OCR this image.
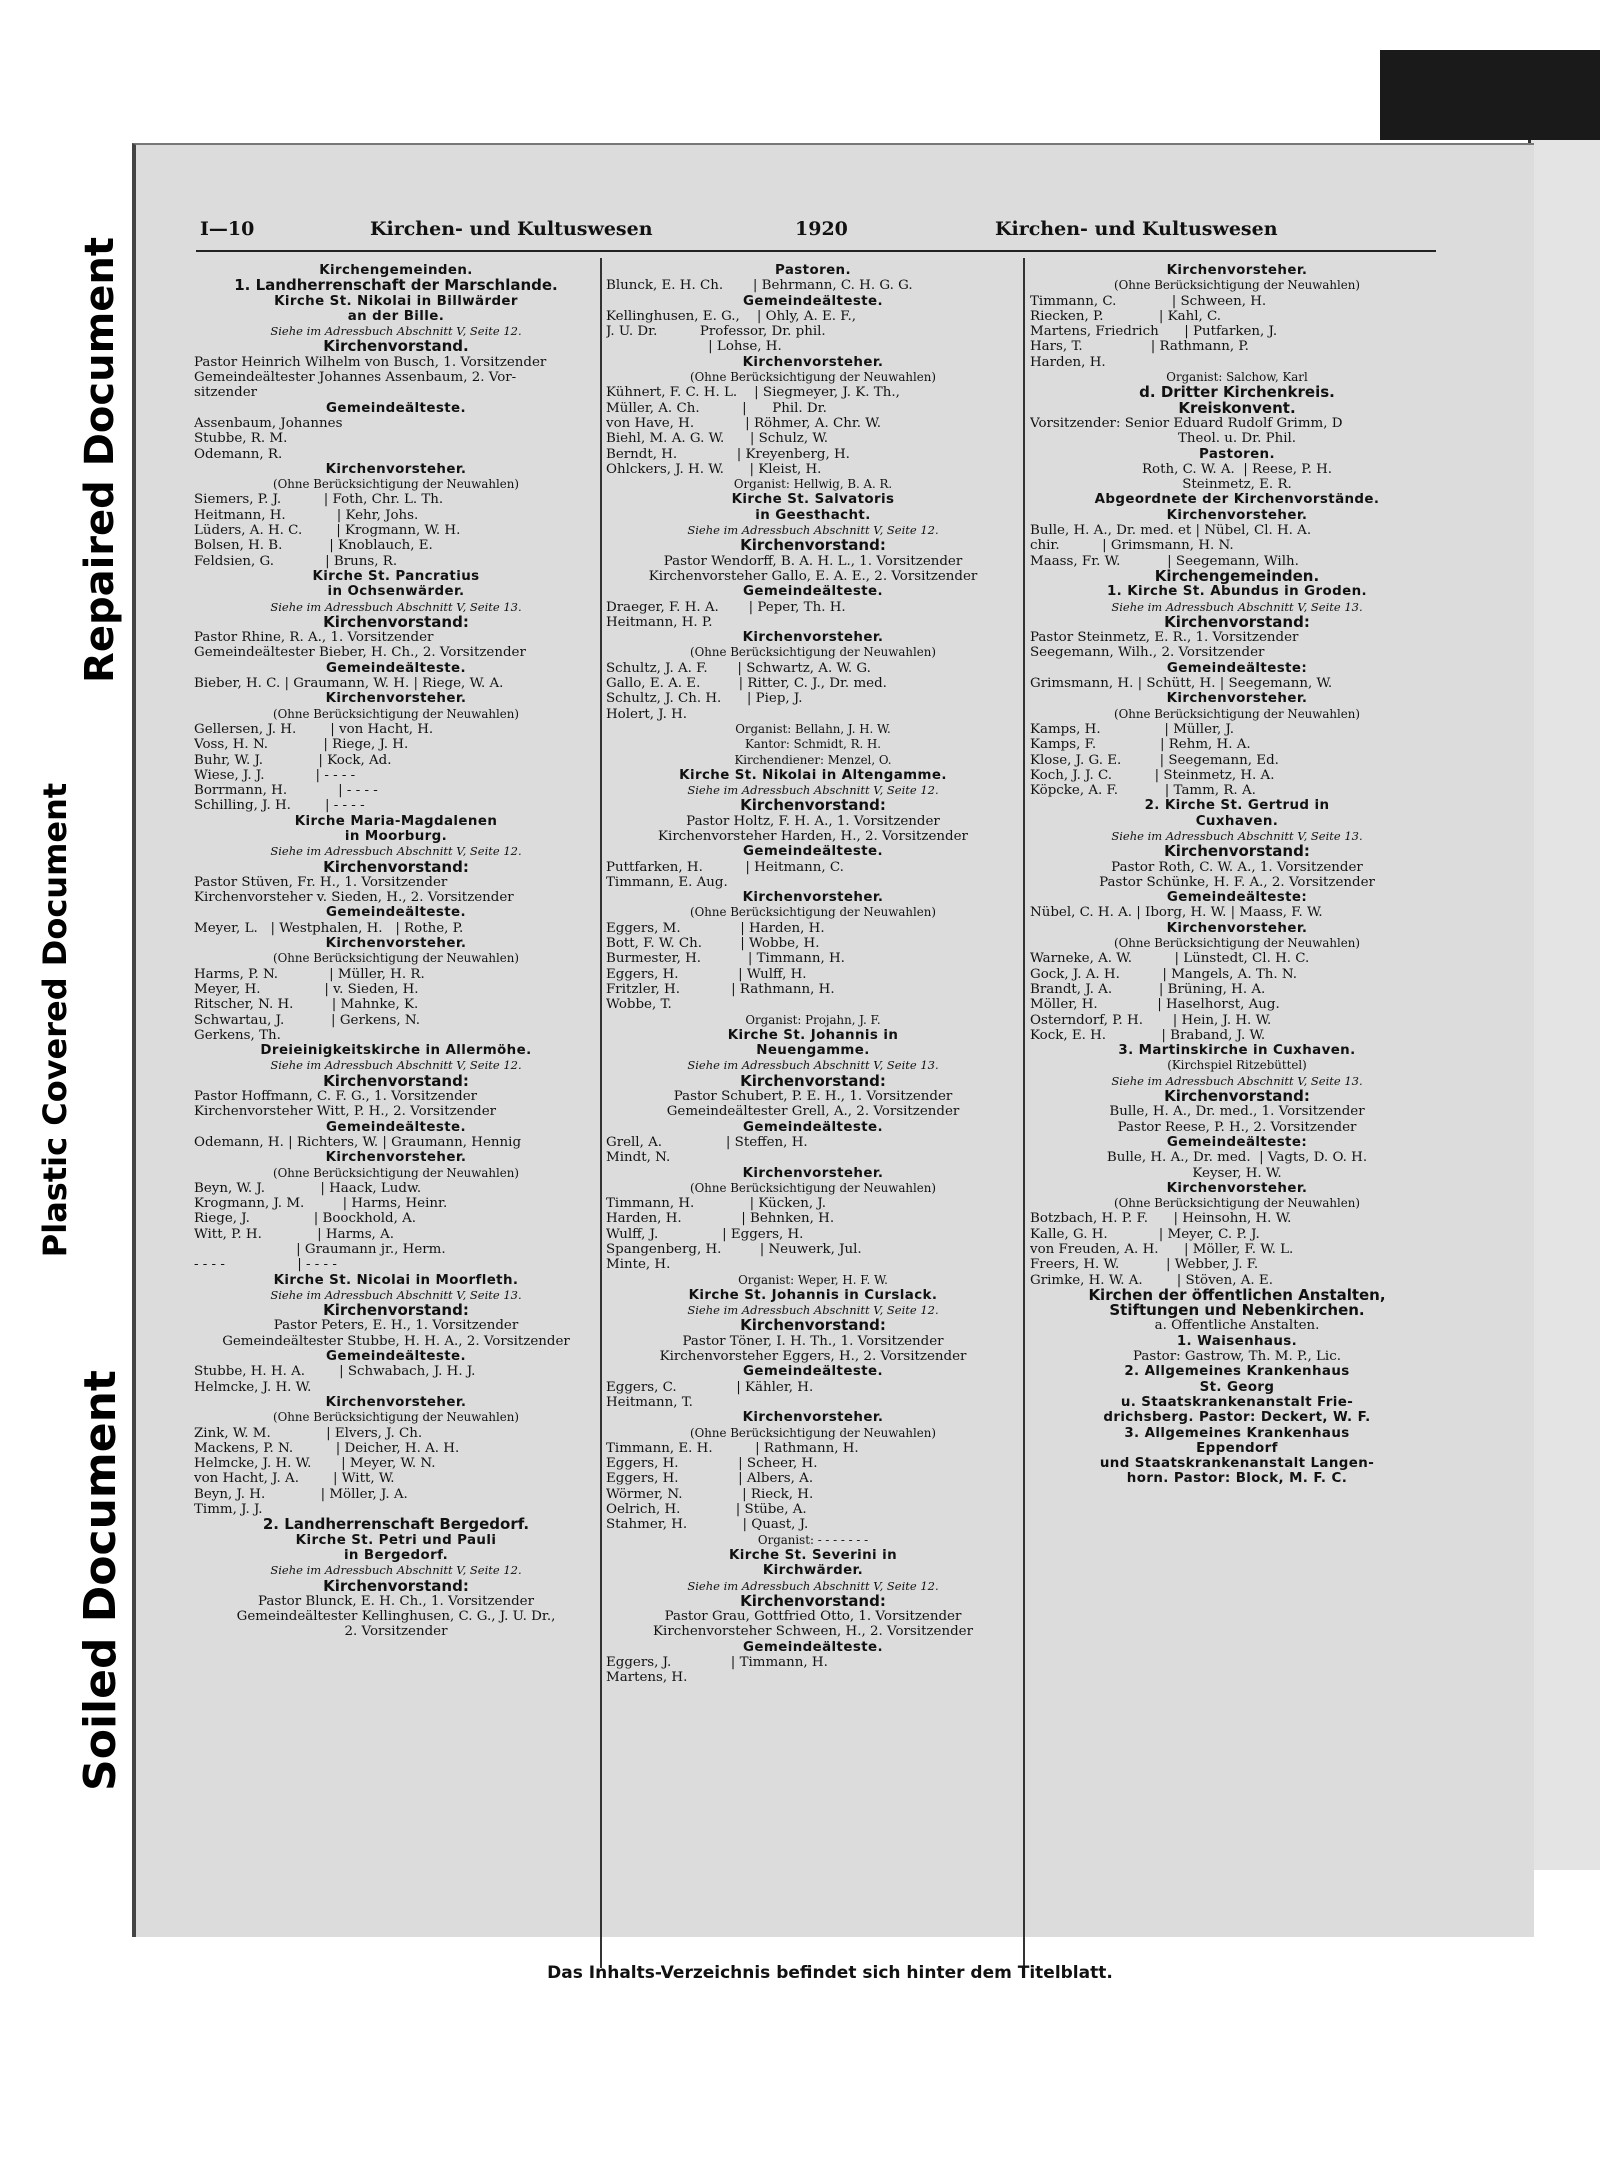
Repaired Document
Plastic Covered Document
Soiled Document
I—10	Kirchen- und Kultuswesen	1920	Kirchen- und Kultuswesen
Kirchengemeinden.
1. Landherrenschaft der Marschlande.
Kirche St. Nikolai in Billwärder
an der Bille.
Siehe im Adressbuch Abschnitt V, Seite 12.
Kirchenvorstand.
Pastor Heinrich Wilhelm von Busch, 1. Vorsitzender
Gemeindeältester Johannes Assenbaum, 2. Vor-
sitzender
Gemeindeälteste.
Assenbaum, Johannes
Stubbe, R. M.
Odemann, R.
Kirchenvorsteher.
(Ohne Berücksichtigung der Neuwahlen)
Siemers, P. J.          | Foth, Chr. L. Th.
Heitmann, H.            | Kehr, Johs.
Lüders, A. H. C.        | Krogmann, W. H.
Bolsen, H. B.           | Knoblauch, E.
Feldsien, G.            | Bruns, R.
Kirche St. Pancratius
in Ochsenwärder.
Siehe im Adressbuch Abschnitt V, Seite 13.
Kirchenvorstand:
Pastor Rhine, R. A., 1. Vorsitzender
Gemeindeältester Bieber, H. Ch., 2. Vorsitzender
Gemeindeälteste.
Bieber, H. C. | Graumann, W. H. | Riege, W. A.
Kirchenvorsteher.
(Ohne Berücksichtigung der Neuwahlen)
Gellersen, J. H.        | von Hacht, H.
Voss, H. N.             | Riege, J. H.
Buhr, W. J.             | Kock, Ad.
Wiese, J. J.            | - - - -
Borrmann, H.            | - - - -
Schilling, J. H.        | - - - -
Kirche Maria-Magdalenen
in Moorburg.
Siehe im Adressbuch Abschnitt V, Seite 12.
Kirchenvorstand:
Pastor Stüven, Fr. H., 1. Vorsitzender
Kirchenvorsteher v. Sieden, H., 2. Vorsitzender
Gemeindeälteste.
Meyer, L.   | Westphalen, H.   | Rothe, P.
Kirchenvorsteher.
(Ohne Berücksichtigung der Neuwahlen)
Harms, P. N.            | Müller, H. R.
Meyer, H.               | v. Sieden, H.
Ritscher, N. H.         | Mahnke, K.
Schwartau, J.           | Gerkens, N.
Gerkens, Th.
Dreieinigkeitskirche in Allermöhe.
Siehe im Adressbuch Abschnitt V, Seite 12.
Kirchenvorstand:
Pastor Hoffmann, C. F. G., 1. Vorsitzender
Kirchenvorsteher Witt, P. H., 2. Vorsitzender
Gemeindeälteste.
Odemann, H. | Richters, W. | Graumann, Hennig
Kirchenvorsteher.
(Ohne Berücksichtigung der Neuwahlen)
Beyn, W. J.             | Haack, Ludw.
Krogmann, J. M.         | Harms, Heinr.
Riege, J.               | Boockhold, A.
Witt, P. H.             | Harms, A.
| Graumann jr., Herm.
- - - -                 | - - - -
Kirche St. Nicolai in Moorfleth.
Siehe im Adressbuch Abschnitt V, Seite 13.
Kirchenvorstand:
Pastor Peters, E. H., 1. Vorsitzender
Gemeindeältester Stubbe, H. H. A., 2. Vorsitzender
Gemeindeälteste.
Stubbe, H. H. A.        | Schwabach, J. H. J.
Helmcke, J. H. W.
Kirchenvorsteher.
(Ohne Berücksichtigung der Neuwahlen)
Zink, W. M.             | Elvers, J. Ch.
Mackens, P. N.          | Deicher, H. A. H.
Helmcke, J. H. W.       | Meyer, W. N.
von Hacht, J. A.        | Witt, W.
Beyn, J. H.             | Möller, J. A.
Timm, J. J.
2. Landherrenschaft Bergedorf.
Kirche St. Petri und Pauli
in Bergedorf.
Siehe im Adressbuch Abschnitt V, Seite 12.
Kirchenvorstand:
Pastor Blunck, E. H. Ch., 1. Vorsitzender
Gemeindeältester Kellinghusen, C. G., J. U. Dr.,
2. Vorsitzender
Pastoren.
Blunck, E. H. Ch.       | Behrmann, C. H. G. G.
Gemeindeälteste.
Kellinghusen, E. G.,    | Ohly, A. E. F.,
J. U. Dr.          Professor, Dr. phil.
| Lohse, H.
Kirchenvorsteher.
(Ohne Berücksichtigung der Neuwahlen)
Kühnert, F. C. H. L.    | Siegmeyer, J. K. Th.,
Müller, A. Ch.          |      Phil. Dr.
von Have, H.            | Röhmer, A. Chr. W.
Biehl, M. A. G. W.      | Schulz, W.
Berndt, H.              | Kreyenberg, H.
Öhlckers, J. H. W.      | Kleist, H.
Organist: Hellwig, B. A. R.
Kirche St. Salvatoris
in Geesthacht.
Siehe im Adressbuch Abschnitt V, Seite 12.
Kirchenvorstand:
Pastor Wendorff, B. A. H. L., 1. Vorsitzender
Kirchenvorsteher Gallo, E. A. E., 2. Vorsitzender
Gemeindeälteste.
Draeger, F. H. A.       | Peper, Th. H.
Heitmann, H. P.
Kirchenvorsteher.
(Ohne Berücksichtigung der Neuwahlen)
Schultz, J. A. F.       | Schwartz, A. W. G.
Gallo, E. A. E.         | Ritter, C. J., Dr. med.
Schultz, J. Ch. H.      | Piep, J.
Holert, J. H.
Organist: Bellahn, J. H. W.
Kantor: Schmidt, R. H.
Kirchendiener: Menzel, O.
Kirche St. Nikolai in Altengamme.
Siehe im Adressbuch Abschnitt V, Seite 12.
Kirchenvorstand:
Pastor Holtz, F. H. A., 1. Vorsitzender
Kirchenvorsteher Harden, H., 2. Vorsitzender
Gemeindeälteste.
Puttfarken, H.          | Heitmann, C.
Timmann, E. Aug.
Kirchenvorsteher.
(Ohne Berücksichtigung der Neuwahlen)
Eggers, M.              | Harden, H.
Bott, F. W. Ch.         | Wobbe, H.
Burmester, H.           | Timmann, H.
Eggers, H.              | Wulff, H.
Fritzler, H.            | Rathmann, H.
Wobbe, T.
Organist: Projahn, J. F.
Kirche St. Johannis in
Neuengamme.
Siehe im Adressbuch Abschnitt V, Seite 13.
Kirchenvorstand:
Pastor Schubert, P. E. H., 1. Vorsitzender
Gemeindeältester Grell, A., 2. Vorsitzender
Gemeindeälteste.
Grell, A.               | Steffen, H.
Mindt, N.
Kirchenvorsteher.
(Ohne Berücksichtigung der Neuwahlen)
Timmann, H.             | Kücken, J.
Harden, H.              | Behnken, H.
Wulff, J.               | Eggers, H.
Spangenberg, H.         | Neuwerk, Jul.
Minte, H.
Organist: Weper, H. F. W.
Kirche St. Johannis in Curslack.
Siehe im Adressbuch Abschnitt V, Seite 12.
Kirchenvorstand:
Pastor Töner, I. H. Th., 1. Vorsitzender
Kirchenvorsteher Eggers, H., 2. Vorsitzender
Gemeindeälteste.
Eggers, C.              | Kähler, H.
Heitmann, T.
Kirchenvorsteher.
(Ohne Berücksichtigung der Neuwahlen)
Timmann, E. H.          | Rathmann, H.
Eggers, H.              | Scheer, H.
Eggers, H.              | Albers, A.
Wörmer, N.              | Rieck, H.
Oelrich, H.             | Stübe, A.
Stahmer, H.             | Quast, J.
Organist: - - - - - - -
Kirche St. Severini in
Kirchwärder.
Siehe im Adressbuch Abschnitt V, Seite 12.
Kirchenvorstand:
Pastor Grau, Gottfried Otto, 1. Vorsitzender
Kirchenvorsteher Schween, H., 2. Vorsitzender
Gemeindeälteste.
Eggers, J.              | Timmann, H.
Martens, H.
Kirchenvorsteher.
(Ohne Berücksichtigung der Neuwahlen)
Timmann, C.             | Schween, H.
Riecken, P.             | Kahl, C.
Martens, Friedrich      | Putfarken, J.
Hars, T.                | Rathmann, P.
Harden, H.
Organist: Salchow, Karl
d. Dritter Kirchenkreis.
Kreiskonvent.
Vorsitzender: Senior Eduard Rudolf Grimm, D
Theol. u. Dr. Phil.
Pastoren.
Roth, C. W. A.  | Reese, P. H.
Steinmetz, E. R.
Abgeordnete der Kirchenvorstände.
Kirchenvorsteher.
Bulle, H. A., Dr. med. et | Nübel, Cl. H. A.
chir.          | Grimsmann, H. N.
Maass, Fr. W.           | Seegemann, Wilh.
Kirchengemeinden.
1. Kirche St. Abundus in Groden.
Siehe im Adressbuch Abschnitt V, Seite 13.
Kirchenvorstand:
Pastor Steinmetz, E. R., 1. Vorsitzender
Seegemann, Wilh., 2. Vorsitzender
Gemeindeälteste:
Grimsmann, H. | Schütt, H. | Seegemann, W.
Kirchenvorsteher.
(Ohne Berücksichtigung der Neuwahlen)
Kamps, H.               | Müller, J.
Kamps, F.               | Rehm, H. A.
Klose, J. G. E.         | Seegemann, Ed.
Koch, J. J. C.          | Steinmetz, H. A.
Köpcke, A. F.           | Tamm, R. A.
2. Kirche St. Gertrud in
Cuxhaven.
Siehe im Adressbuch Abschnitt V, Seite 13.
Kirchenvorstand:
Pastor Roth, C. W. A., 1. Vorsitzender
Pastor Schünke, H. F. A., 2. Vorsitzender
Gemeindeälteste:
Nübel, C. H. A. | Iborg, H. W. | Maass, F. W.
Kirchenvorsteher.
(Ohne Berücksichtigung der Neuwahlen)
Warneke, A. W.          | Lünstedt, Cl. H. C.
Gock, J. A. H.          | Mangels, A. Th. N.
Brandt, J. A.           | Brüning, H. A.
Möller, H.              | Haselhorst, Aug.
Osterndorf, P. H.       | Hein, J. H. W.
Kock, E. H.             | Braband, J. W.
3. Martinskirche in Cuxhaven.
(Kirchspiel Ritzebüttel)
Siehe im Adressbuch Abschnitt V, Seite 13.
Kirchenvorstand:
Bulle, H. A., Dr. med., 1. Vorsitzender
Pastor Reese, P. H., 2. Vorsitzender
Gemeindeälteste:
Bulle, H. A., Dr. med.  | Vagts, D. O. H.
Keyser, H. W.
Kirchenvorsteher.
(Ohne Berücksichtigung der Neuwahlen)
Botzbach, H. P. F.      | Heinsohn, H. W.
Kalle, G. H.            | Meyer, C. P. J.
von Freuden, A. H.      | Möller, F. W. L.
Freers, H. W.           | Webber, J. F.
Grimke, H. W. A.        | Stöven, A. E.
Kirchen der öffentlichen Anstalten,
Stiftungen und Nebenkirchen.
a. Öffentliche Anstalten.
1. Waisenhaus.
Pastor: Gastrow, Th. M. P., Lic.
2. Allgemeines Krankenhaus
St. Georg
u. Staatskrankenanstalt Frie-
drichsberg. Pastor: Deckert, W. F.
3. Allgemeines Krankenhaus
Eppendorf
und Staatskrankenanstalt Langen-
horn. Pastor: Block, M. F. C.
Das Inhalts-Verzeichnis befindet sich hinter dem Titelblatt.
